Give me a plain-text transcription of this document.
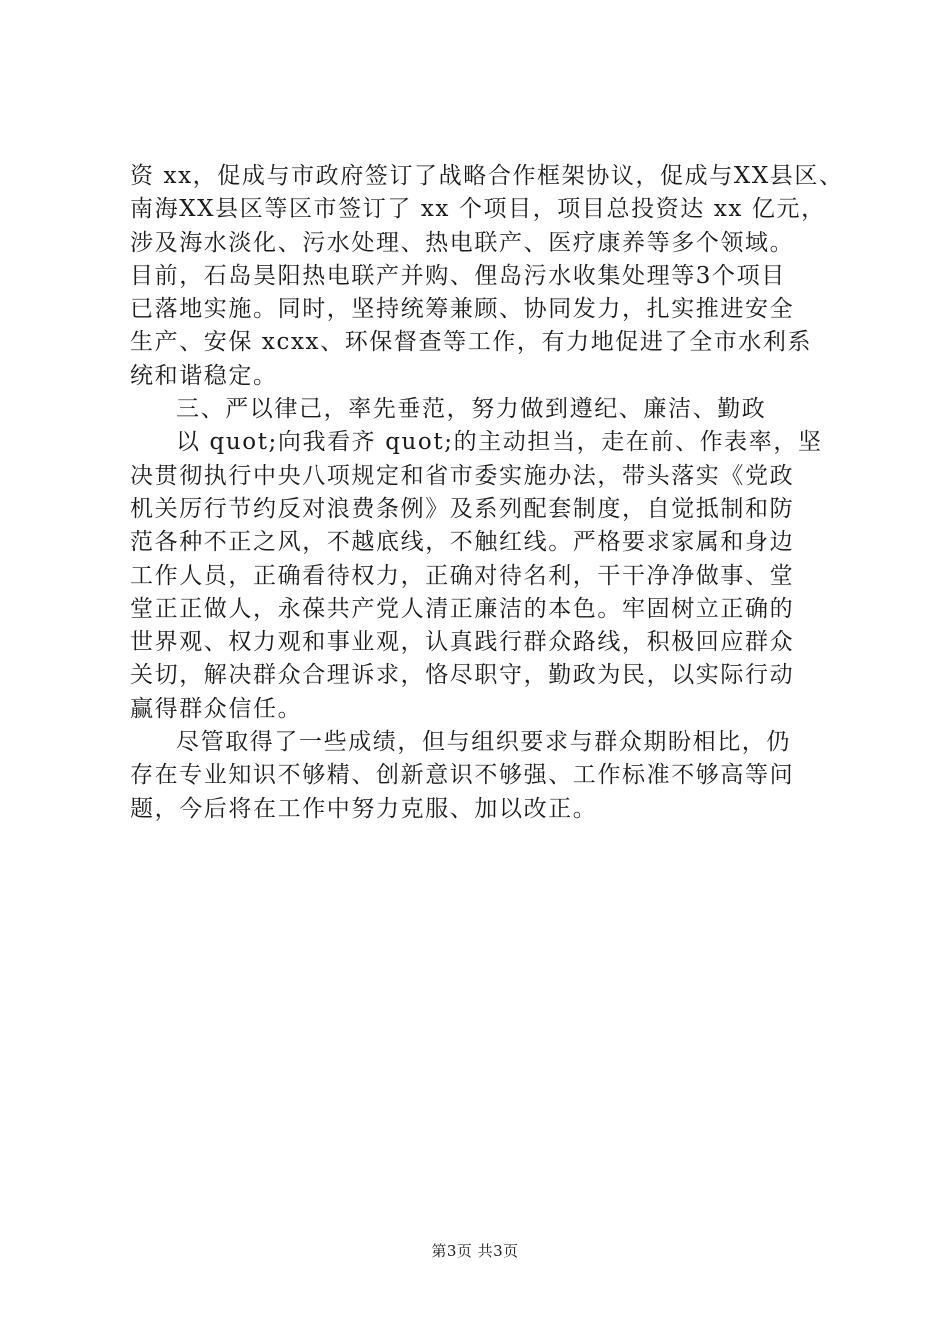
资 xx，促成与市政府签订了战略合作框架协议，促成与XX县区、
南海XX县区等区市签订了 xx 个项目，项目总投资达 xx 亿元，
涉及海水淡化、污水处理、热电联产、医疗康养等多个领域。
目前，石岛昊阳热电联产并购、俚岛污水收集处理等3个项目
已落地实施。同时，坚持统筹兼顾、协同发力，扎实推进安全
生产、安保 xcxx、环保督查等工作，有力地促进了全市水利系
统和谐稳定。
三、严以律己，率先垂范，努力做到遵纪、廉洁、勤政
以 quot;向我看齐 quot;的主动担当，走在前、作表率，坚
决贯彻执行中央八项规定和省市委实施办法，带头落实《党政
机关厉行节约反对浪费条例》及系列配套制度，自觉抵制和防
范各种不正之风，不越底线，不触红线。严格要求家属和身边
工作人员，正确看待权力，正确对待名利，干干净净做事、堂
堂正正做人，永葆共产党人清正廉洁的本色。牢固树立正确的
世界观、权力观和事业观，认真践行群众路线，积极回应群众
关切，解决群众合理诉求，恪尽职守，勤政为民，以实际行动
赢得群众信任。
尽管取得了一些成绩，但与组织要求与群众期盼相比，仍
存在专业知识不够精、创新意识不够强、工作标准不够高等问
题，今后将在工作中努力克服、加以改正。
第3页 共3页
